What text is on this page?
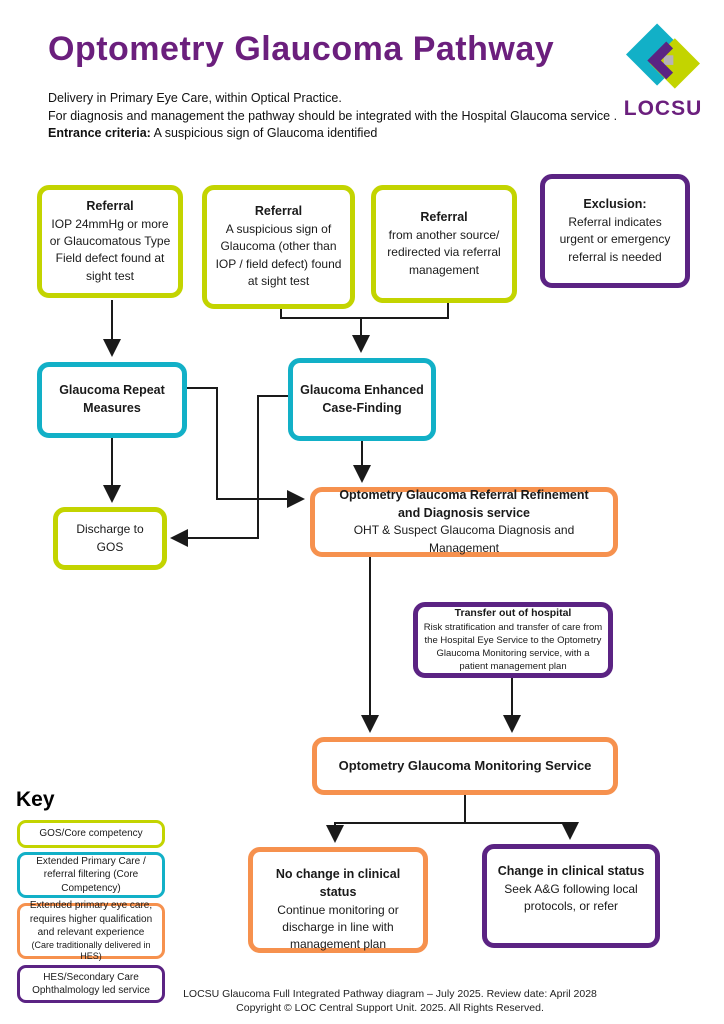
Optometry Glaucoma Pathway
Delivery in Primary Eye Care, within Optical Practice.
For diagnosis and management the pathway should be integrated with the Hospital Glaucoma service .
Entrance criteria: A suspicious sign of Glaucoma identified
LOCSU
Referral
IOP 24mmHg or more or Glaucomatous Type Field defect found at sight test
Referral
A suspicious sign of Glaucoma (other than IOP / field defect) found at sight test
Referral
from another source/ redirected via referral management
Exclusion:
Referral indicates urgent or emergency referral is needed
Glaucoma Repeat Measures
Glaucoma Enhanced Case-Finding
Discharge to GOS
Optometry Glaucoma Referral Refinement and Diagnosis service
OHT & Suspect Glaucoma Diagnosis and Management
Transfer out of hospital
Risk stratification and transfer of care from the Hospital Eye Service to the Optometry Glaucoma Monitoring service, with a patient management plan
Optometry Glaucoma Monitoring Service
No change in clinical status
Continue monitoring or discharge in line with management plan
Change in clinical status
Seek A&G following local protocols, or refer
Key
GOS/Core competency
Extended Primary Care / referral filtering (Core Competency)
Extended primary eye care, requires higher qualification and relevant experience
(Care traditionally delivered in HES)
HES/Secondary Care Ophthalmology led service	LOCSU Glaucoma Full Integrated Pathway diagram – July 2025. Review date: April 2028
Copyright © LOC Central Support Unit. 2025. All Rights Reserved.
